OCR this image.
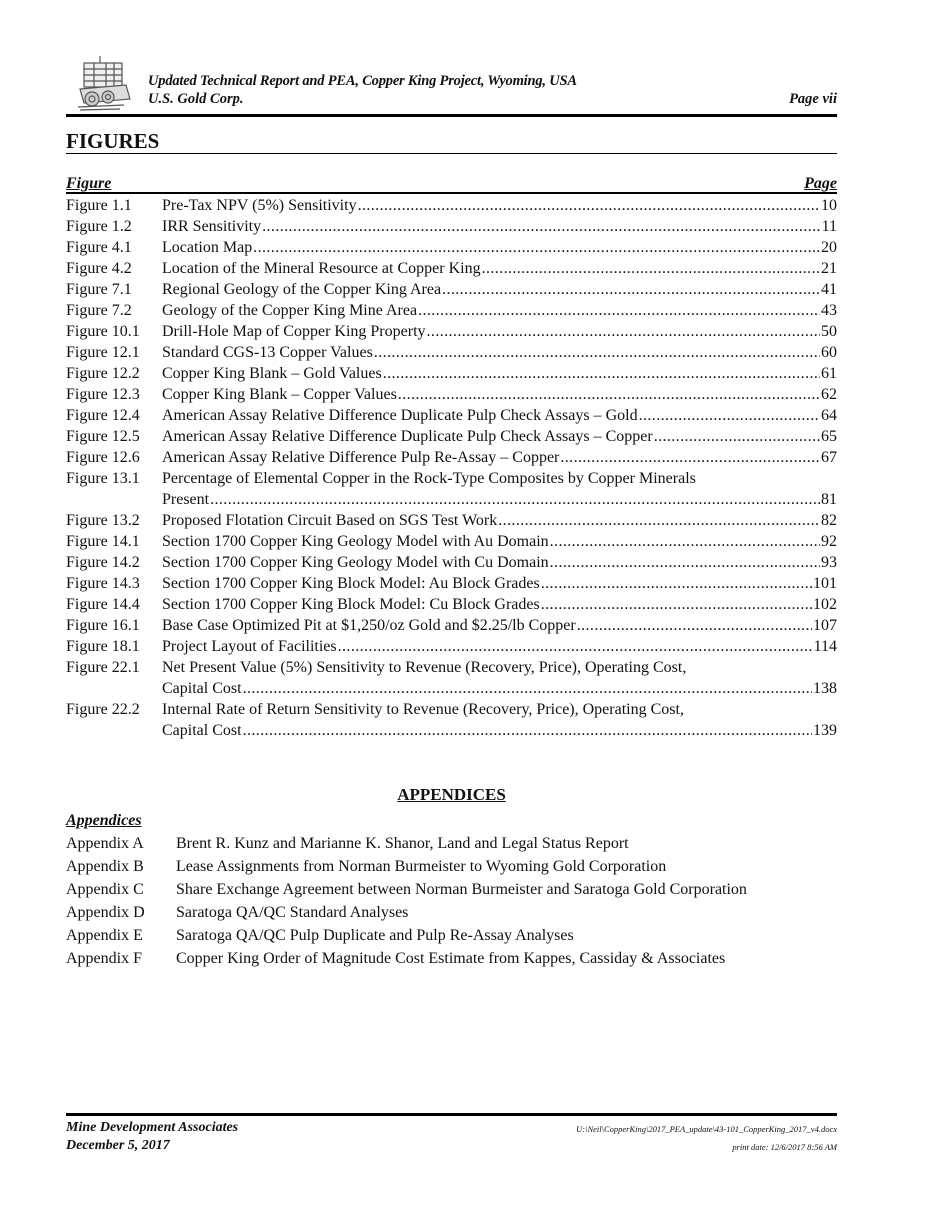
Updated Technical Report and PEA, Copper King Project, Wyoming, USA
U.S. Gold Corp.	Page vii
FIGURES
Figure	Page
Figure 1.1 Pre-Tax NPV (5%) Sensitivity .....	10
Figure 1.2 IRR Sensitivity .....	11
Figure 4.1 Location Map .....	20
Figure 4.2 Location of the Mineral Resource at Copper King .....	21
Figure 7.1 Regional Geology of the Copper King Area .....	41
Figure 7.2 Geology of the Copper King Mine Area .....	43
Figure 10.1 Drill-Hole Map of Copper King Property .....	50
Figure 12.1 Standard CGS-13 Copper Values .....	60
Figure 12.2 Copper King Blank – Gold Values .....	61
Figure 12.3 Copper King Blank – Copper Values .....	62
Figure 12.4 American Assay Relative Difference Duplicate Pulp Check Assays – Gold .....	64
Figure 12.5 American Assay Relative Difference Duplicate Pulp Check Assays – Copper .....	65
Figure 12.6 American Assay Relative Difference Pulp Re-Assay – Copper .....	67
Figure 13.1 Percentage of Elemental Copper in the Rock-Type Composites by Copper Minerals
Present .....	81
Figure 13.2 Proposed Flotation Circuit Based on SGS Test Work .....	82
Figure 14.1 Section 1700 Copper King Geology Model with Au Domain .....	92
Figure 14.2 Section 1700 Copper King Geology Model with Cu Domain .....	93
Figure 14.3 Section 1700 Copper King Block Model: Au Block Grades .....	101
Figure 14.4 Section 1700 Copper King Block Model: Cu Block Grades .....	102
Figure 16.1 Base Case Optimized Pit at $1,250/oz Gold and $2.25/lb Copper .....	107
Figure 18.1 Project Layout of Facilities .....	114
Figure 22.1 Net Present Value (5%) Sensitivity to Revenue (Recovery, Price), Operating Cost,
Capital Cost .....	138
Figure 22.2 Internal Rate of Return Sensitivity to Revenue (Recovery, Price), Operating Cost,
Capital Cost .....	139
APPENDICES
Appendices
Appendix A Brent R. Kunz and Marianne K. Shanor, Land and Legal Status Report
Appendix B Lease Assignments from Norman Burmeister to Wyoming Gold Corporation
Appendix C Share Exchange Agreement between Norman Burmeister and Saratoga Gold Corporation
Appendix D Saratoga QA/QC Standard Analyses
Appendix E Saratoga QA/QC Pulp Duplicate and Pulp Re-Assay Analyses
Appendix F Copper King Order of Magnitude Cost Estimate from Kappes, Cassiday & Associates
Mine Development Associates
December 5, 2017
U:\Neil\CopperKing\2017_PEA_update\43-101_CopperKing_2017_v4.docx
print date: 12/6/2017 8:56 AM
